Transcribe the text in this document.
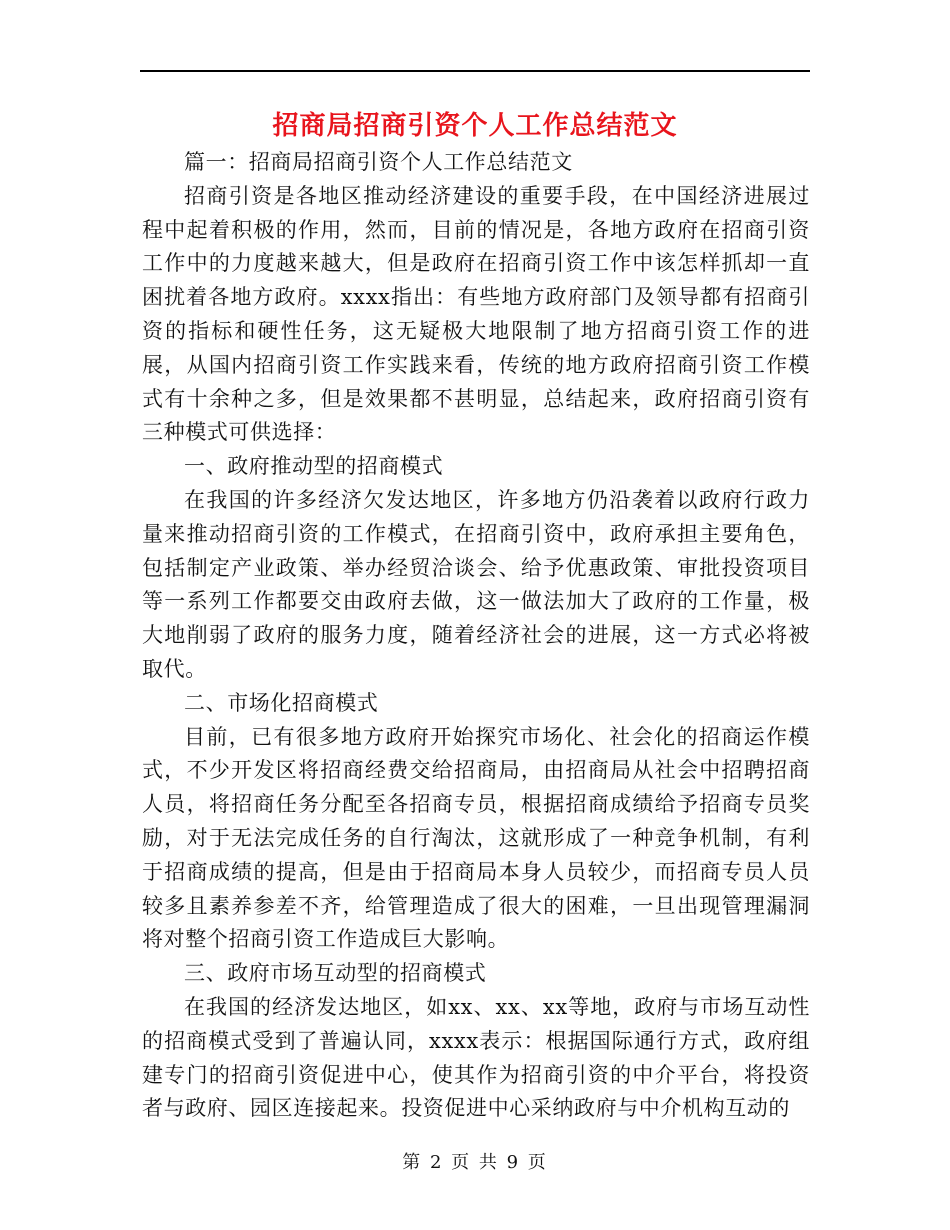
招商局招商引资个人工作总结范文

篇一：招商局招商引资个人工作总结范文

招商引资是各地区推动经济建设的重要手段，在中国经济进展过程中起着积极的作用，然而，目前的情况是，各地方政府在招商引资工作中的力度越来越大，但是政府在招商引资工作中该怎样抓却一直困扰着各地方政府。xxxx指出：有些地方政府部门及领导都有招商引资的指标和硬性任务，这无疑极大地限制了地方招商引资工作的进展，从国内招商引资工作实践来看，传统的地方政府招商引资工作模式有十余种之多，但是效果都不甚明显，总结起来，政府招商引资有三种模式可供选择：

一、政府推动型的招商模式

在我国的许多经济欠发达地区，许多地方仍沿袭着以政府行政力量来推动招商引资的工作模式，在招商引资中，政府承担主要角色，包括制定产业政策、举办经贸洽谈会、给予优惠政策、审批投资项目等一系列工作都要交由政府去做，这一做法加大了政府的工作量，极大地削弱了政府的服务力度，随着经济社会的进展，这一方式必将被取代。

二、市场化招商模式

目前，已有很多地方政府开始探究市场化、社会化的招商运作模式，不少开发区将招商经费交给招商局，由招商局从社会中招聘招商人员，将招商任务分配至各招商专员，根据招商成绩给予招商专员奖励，对于无法完成任务的自行淘汰，这就形成了一种竞争机制，有利于招商成绩的提高，但是由于招商局本身人员较少，而招商专员人员较多且素养参差不齐，给管理造成了很大的困难，一旦出现管理漏洞将对整个招商引资工作造成巨大影响。

三、政府市场互动型的招商模式

在我国的经济发达地区，如xx、xx、xx等地，政府与市场互动性的招商模式受到了普遍认同，xxxx表示：根据国际通行方式，政府组建专门的招商引资促进中心，使其作为招商引资的中介平台，将投资者与政府、园区连接起来。投资促进中心采纳政府与中介机构互动的

第 2 页 共 9 页
